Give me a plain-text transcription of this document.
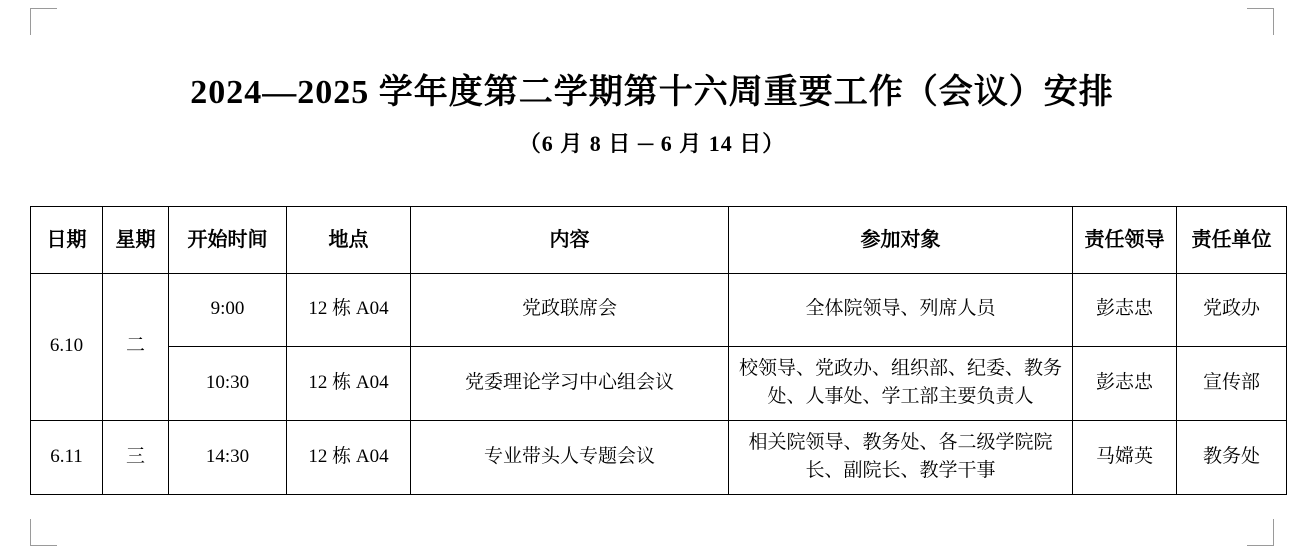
2024—2025 学年度第二学期第十六周重要工作（会议）安排
（6 月 8 日 ─ 6 月 14 日）
日期	星期	开始时间	地点	内容	参加对象	责任领导	责任单位
6.10	二	9:00	12 栋 A04	党政联席会	全体院领导、列席人员	彭志忠	党政办
		10:30	12 栋 A04	党委理论学习中心组会议	校领导、党政办、组织部、纪委、教务处、人事处、学工部主要负责人	彭志忠	宣传部
6.11	三	14:30	12 栋 A04	专业带头人专题会议	相关院领导、教务处、各二级学院院长、副院长、教学干事	马嫦英	教务处
